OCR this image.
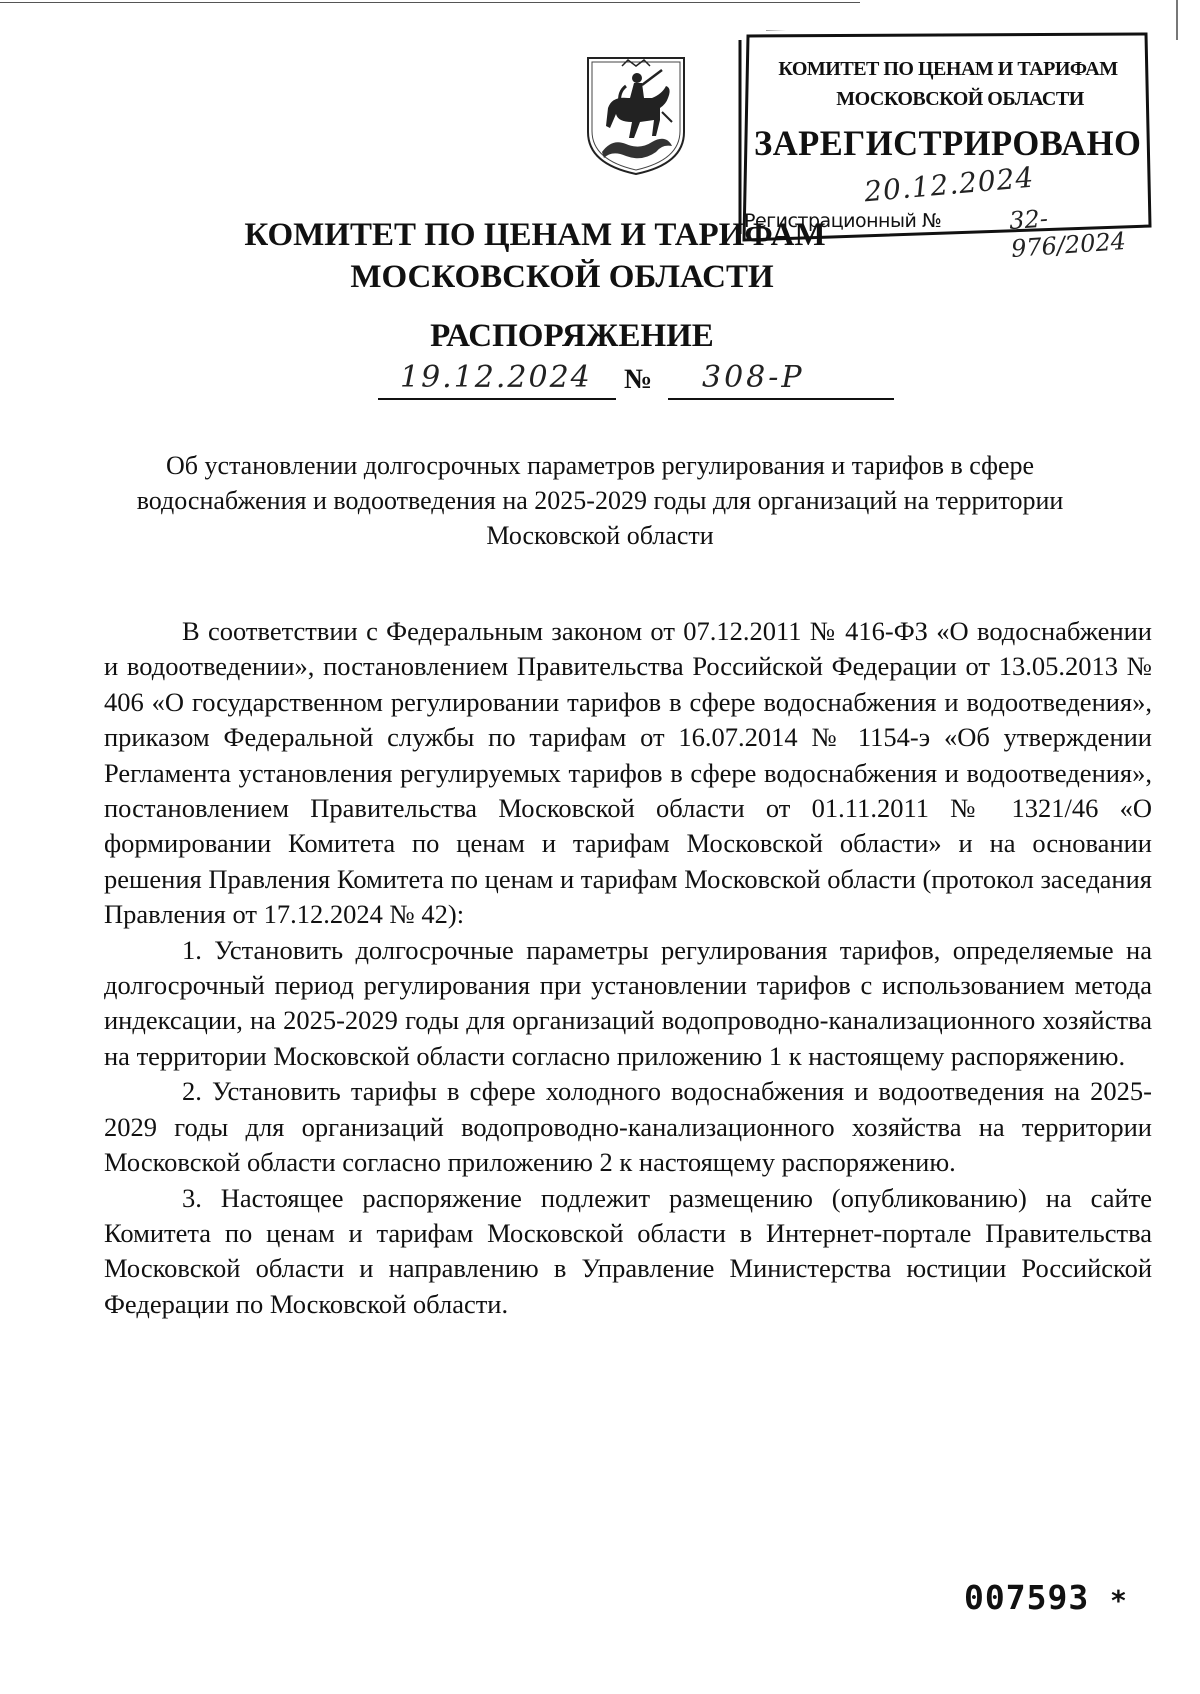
КОМИТЕТ ПО ЦЕНАМ И ТАРИФАМ
МОСКОВСКОЙ ОБЛАСТИ
ЗАРЕГИСТРИРОВАНО
20.12.2024
Регистрационный №	32-976/2024
КОМИТЕТ ПО ЦЕНАМ И ТАРИФАМ
МОСКОВСКОЙ ОБЛАСТИ
РАСПОРЯЖЕНИЕ
19.12.2024 № 308-Р
Об установлении долгосрочных параметров регулирования и тарифов в сфере водоснабжения и водоотведения на 2025-2029 годы для организаций на территории Московской области

В соответствии с Федеральным законом от 07.12.2011 № 416-ФЗ «О водоснабжении и водоотведении», постановлением Правительства Российской Федерации от 13.05.2013 № 406 «О государственном регулировании тарифов в сфере водоснабжения и водоотведения», приказом Федеральной службы по тарифам от 16.07.2014 № 1154-э «Об утверждении Регламента установления регулируемых тарифов в сфере водоснабжения и водоотведения», постановлением Правительства Московской области от 01.11.2011 № 1321/46 «О формировании Комитета по ценам и тарифам Московской области» и на основании решения Правления Комитета по ценам и тарифам Московской области (протокол заседания Правления от 17.12.2024 № 42):

1. Установить долгосрочные параметры регулирования тарифов, определяемые на долгосрочный период регулирования при установлении тарифов с использованием метода индексации, на 2025-2029 годы для организаций водопроводно-канализационного хозяйства на территории Московской области согласно приложению 1 к настоящему распоряжению.

2. Установить тарифы в сфере холодного водоснабжения и водоотведения на 2025-2029 годы для организаций водопроводно-канализационного хозяйства на территории Московской области согласно приложению 2 к настоящему распоряжению.

3. Настоящее распоряжение подлежит размещению (опубликованию) на сайте Комитета по ценам и тарифам Московской области в Интернет-портале Правительства Московской области и направлению в Управление Министерства юстиции Российской Федерации по Московской области.

007593 *
